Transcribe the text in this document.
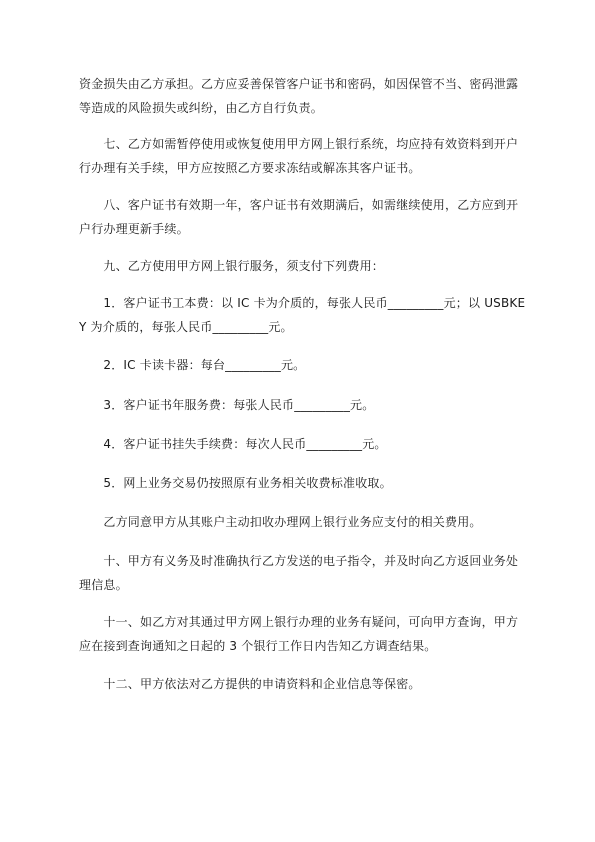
资金损失由乙方承担。乙方应妥善保管客户证书和密码，如因保管不当、密码泄露等造成的风险损失或纠纷，由乙方自行负责。

　　七、乙方如需暂停使用或恢复使用甲方网上银行系统，均应持有效资料到开户行办理有关手续，甲方应按照乙方要求冻结或解冻其客户证书。

　　八、客户证书有效期一年，客户证书有效期满后，如需继续使用，乙方应到开户行办理更新手续。

　　九、乙方使用甲方网上银行服务，须支付下列费用：

　　1．客户证书工本费：以 IC 卡为介质的，每张人民币_________元；以 USBKEY 为介质的，每张人民币_________元。

　　2．IC 卡读卡器：每台_________元。

　　3．客户证书年服务费：每张人民币_________元。

　　4．客户证书挂失手续费：每次人民币_________元。

　　5．网上业务交易仍按照原有业务相关收费标准收取。

　　乙方同意甲方从其账户主动扣收办理网上银行业务应支付的相关费用。

　　十、甲方有义务及时准确执行乙方发送的电子指令，并及时向乙方返回业务处理信息。

　　十一、如乙方对其通过甲方网上银行办理的业务有疑问，可向甲方查询，甲方应在接到查询通知之日起的 3 个银行工作日内告知乙方调查结果。

　　十二、甲方依法对乙方提供的申请资料和企业信息等保密。
